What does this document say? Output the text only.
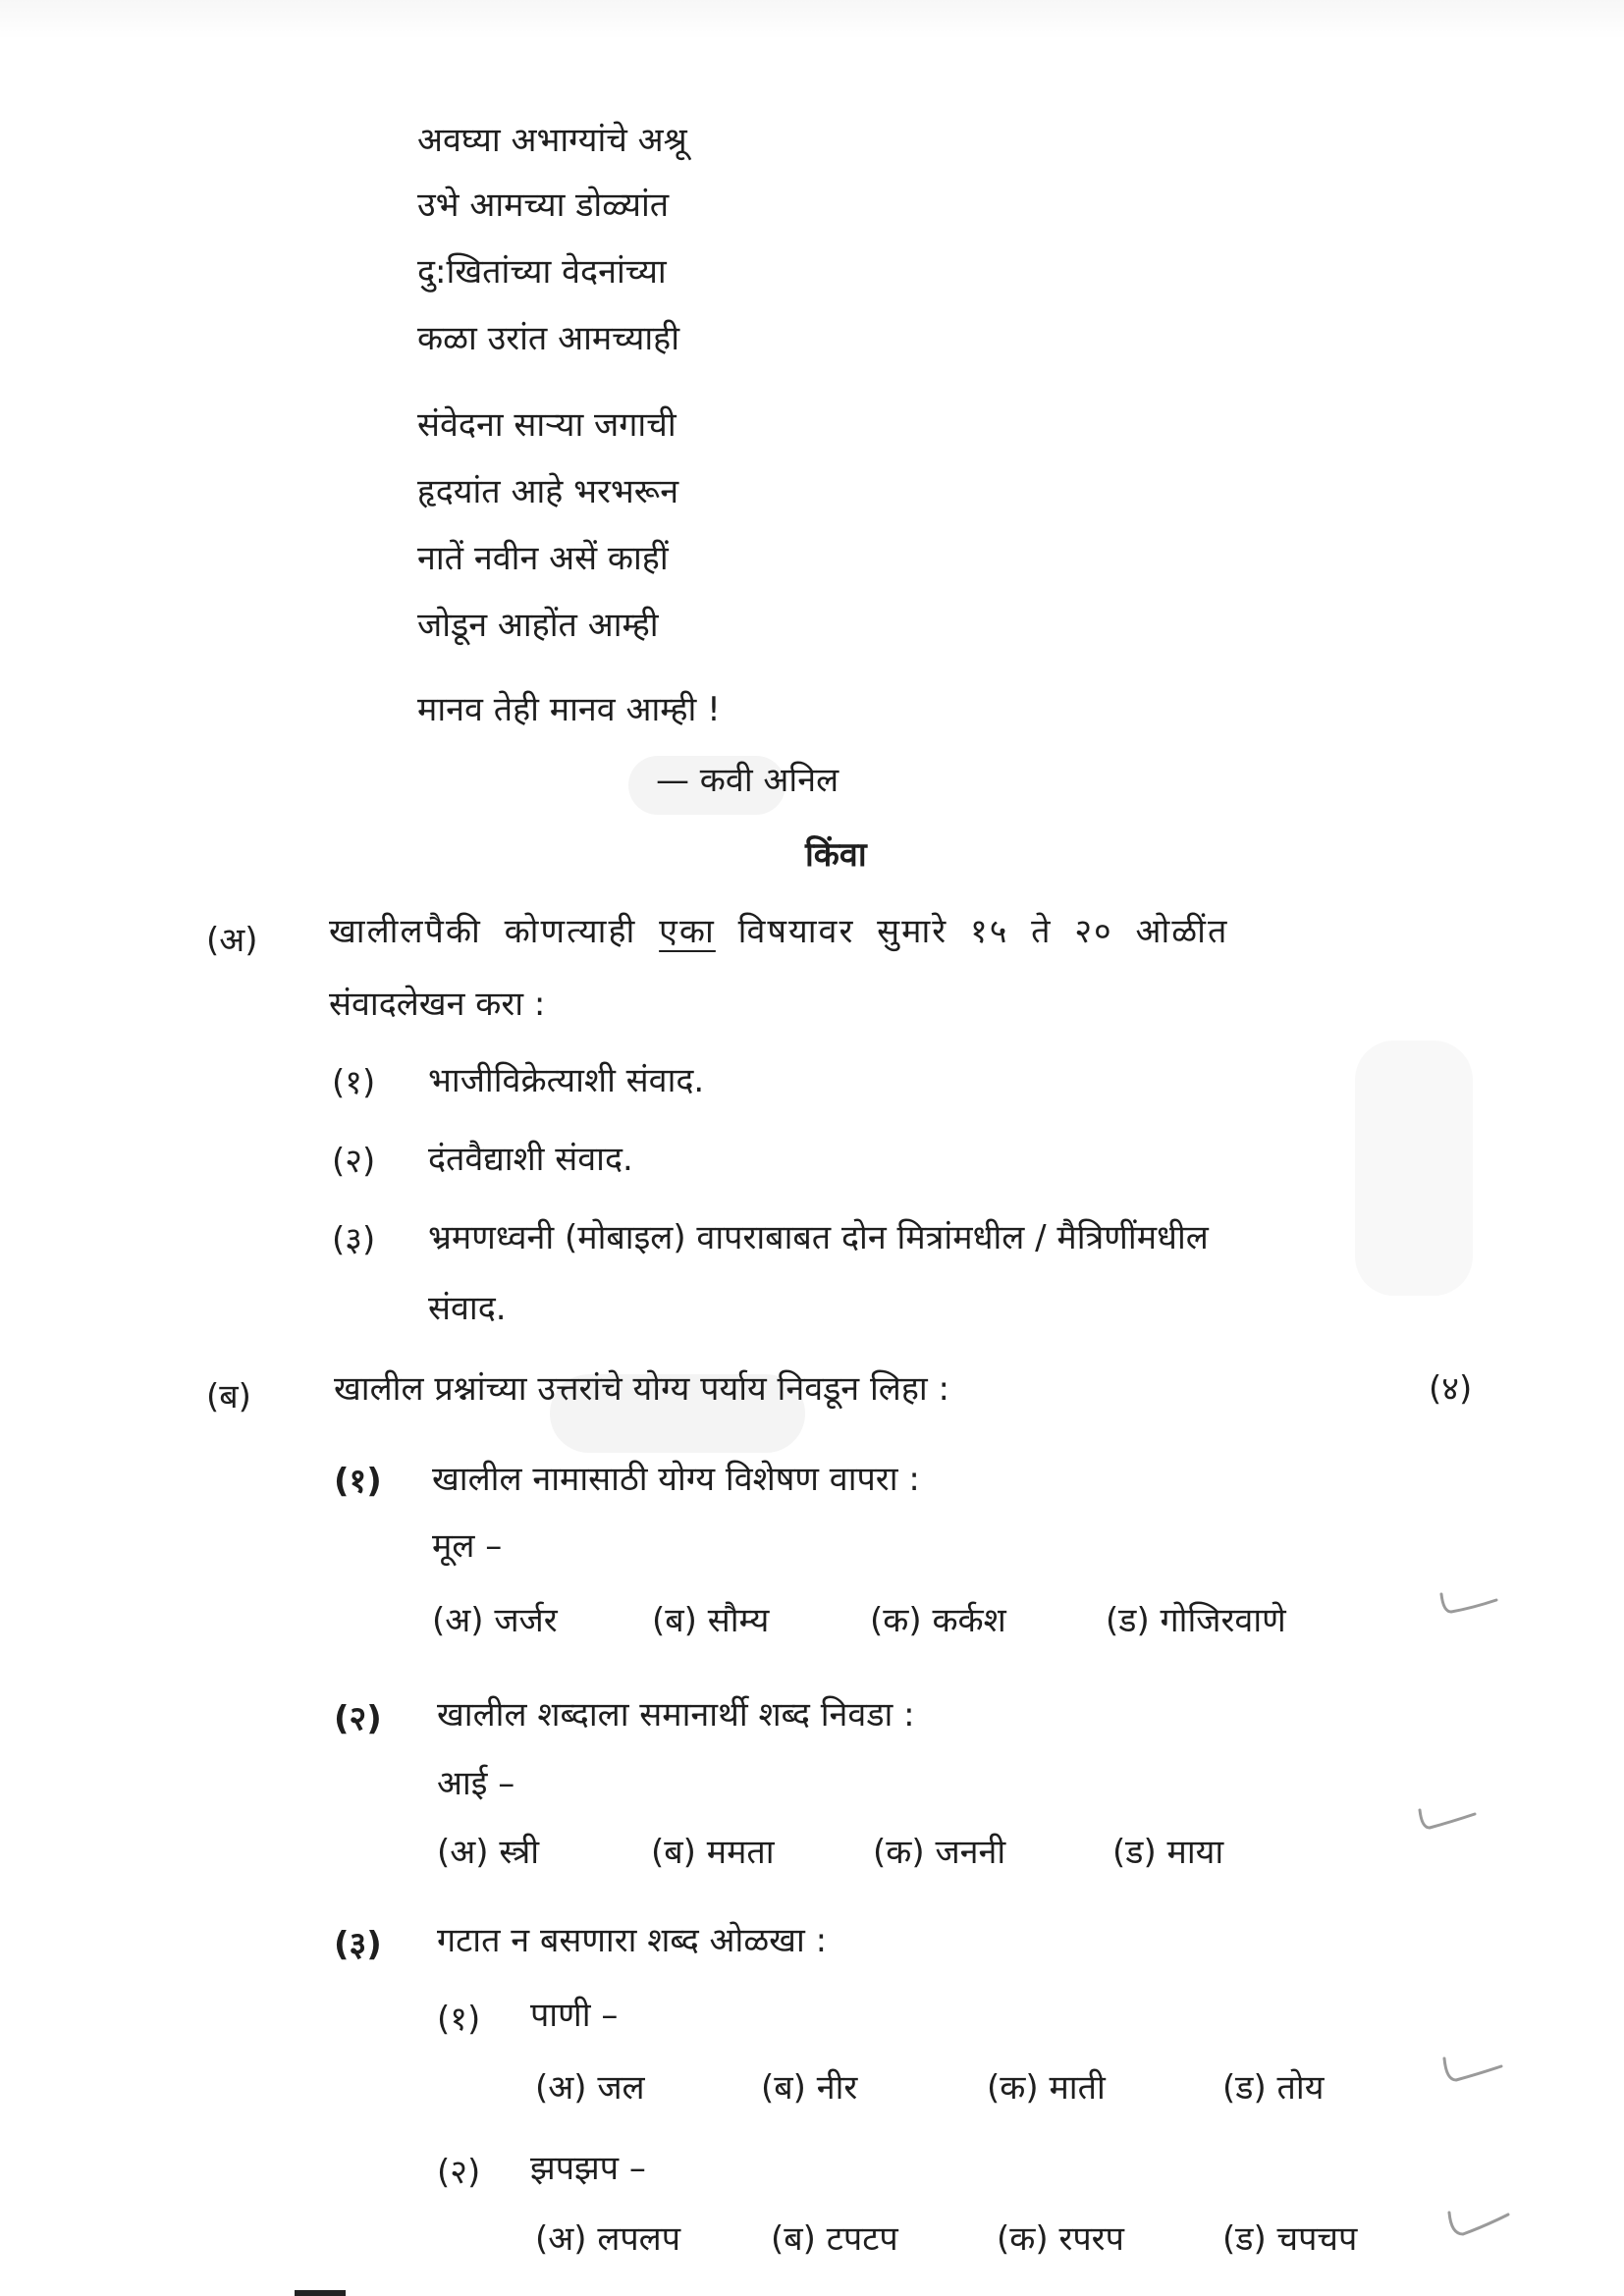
अवघ्या अभाग्यांचे अश्रू
उभे आमच्या डोळ्यांत
दु:खितांच्या वेदनांच्या
कळा उरांत आमच्याही
संवेदना साऱ्या जगाची
हृदयांत आहे भरभरून
नातें नवीन असें काहीं
जोडून आहोंत आम्ही
मानव तेही मानव आम्ही !
— कवी अनिल
किंवा
(अ) खालीलपैकी कोणत्याही एका विषयावर सुमारे १५ ते २० ओळींत
संवादलेखन करा :
(१) भाजीविक्रेत्याशी संवाद.
(२) दंतवैद्याशी संवाद.
(३) भ्रमणध्वनी (मोबाइल) वापराबाबत दोन मित्रांमधील / मैत्रिणींमधील
संवाद.
(ब) खालील प्रश्नांच्या उत्तरांचे योग्य पर्याय निवडून लिहा :	(४)
(१) खालील नामासाठी योग्य विशेषण वापरा :
मूल –
(अ) जर्जर	(ब) सौम्य	(क) कर्कश	(ड) गोजिरवाणे
(२) खालील शब्दाला समानार्थी शब्द निवडा :
आई –
(अ) स्त्री	(ब) ममता	(क) जननी	(ड) माया
(३) गटात न बसणारा शब्द ओळखा :
(१) पाणी –
(अ) जल	(ब) नीर	(क) माती	(ड) तोय
(२) झपझप –
(अ) लपलप	(ब) टपटप	(क) रपरप	(ड) चपचप
